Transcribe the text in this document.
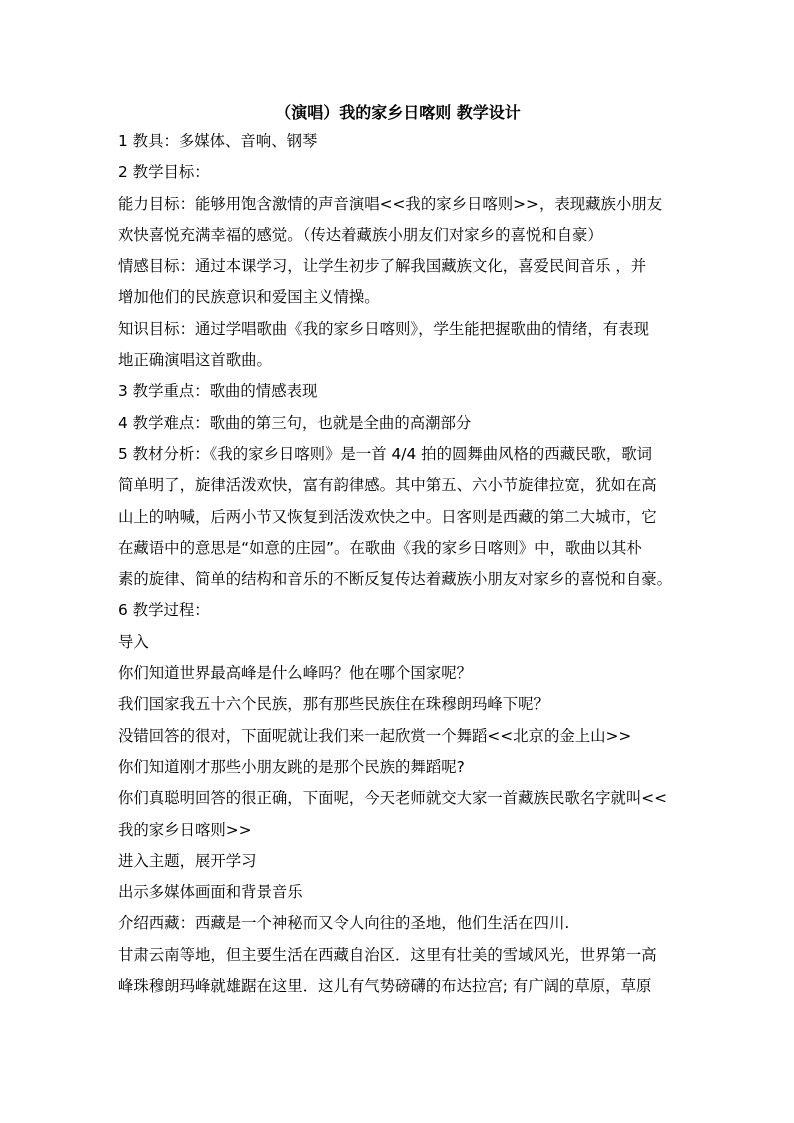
（演唱）我的家乡日喀则 教学设计
1 教具：多媒体、音响、钢琴
2 教学目标：
能力目标：能够用饱含激情的声音演唱<<我的家乡日喀则>>，表现藏族小朋友
欢快喜悦充满幸福的感觉。（传达着藏族小朋友们对家乡的喜悦和自豪）
情感目标：通过本课学习，让学生初步了解我国藏族文化，喜爱民间音乐 ，并
增加他们的民族意识和爱国主义情操。
知识目标：通过学唱歌曲《我的家乡日喀则》，学生能把握歌曲的情绪，有表现
地正确演唱这首歌曲。
3 教学重点：歌曲的情感表现
4 教学难点：歌曲的第三句，也就是全曲的高潮部分
5 教材分析：《我的家乡日喀则》是一首 4/4 拍的圆舞曲风格的西藏民歌，歌词
简单明了，旋律活泼欢快，富有韵律感。其中第五、六小节旋律拉宽，犹如在高
山上的呐喊，后两小节又恢复到活泼欢快之中。日客则是西藏的第二大城市，它
在藏语中的意思是“如意的庄园”。在歌曲《我的家乡日喀则》中，歌曲以其朴
素的旋律、简单的结构和音乐的不断反复传达着藏族小朋友对家乡的喜悦和自豪。
6 教学过程：
导入
你们知道世界最高峰是什么峰吗？他在哪个国家呢？
我们国家我五十六个民族，那有那些民族住在珠穆朗玛峰下呢？
没错回答的很对，下面呢就让我们来一起欣赏一个舞蹈<<北京的金上山>>
你们知道刚才那些小朋友跳的是那个民族的舞蹈呢?
你们真聪明回答的很正确，下面呢，今天老师就交大家一首藏族民歌名字就叫<<
我的家乡日喀则>>
进入主题，展开学习
出示多媒体画面和背景音乐
介绍西藏：西藏是一个神秘而又令人向往的圣地，他们生活在四川.
甘肃云南等地，但主要生活在西藏自治区．这里有壮美的雪域风光，世界第一高
峰珠穆朗玛峰就雄踞在这里．这儿有气势磅礴的布达拉宫; 有广阔的草原，草原
